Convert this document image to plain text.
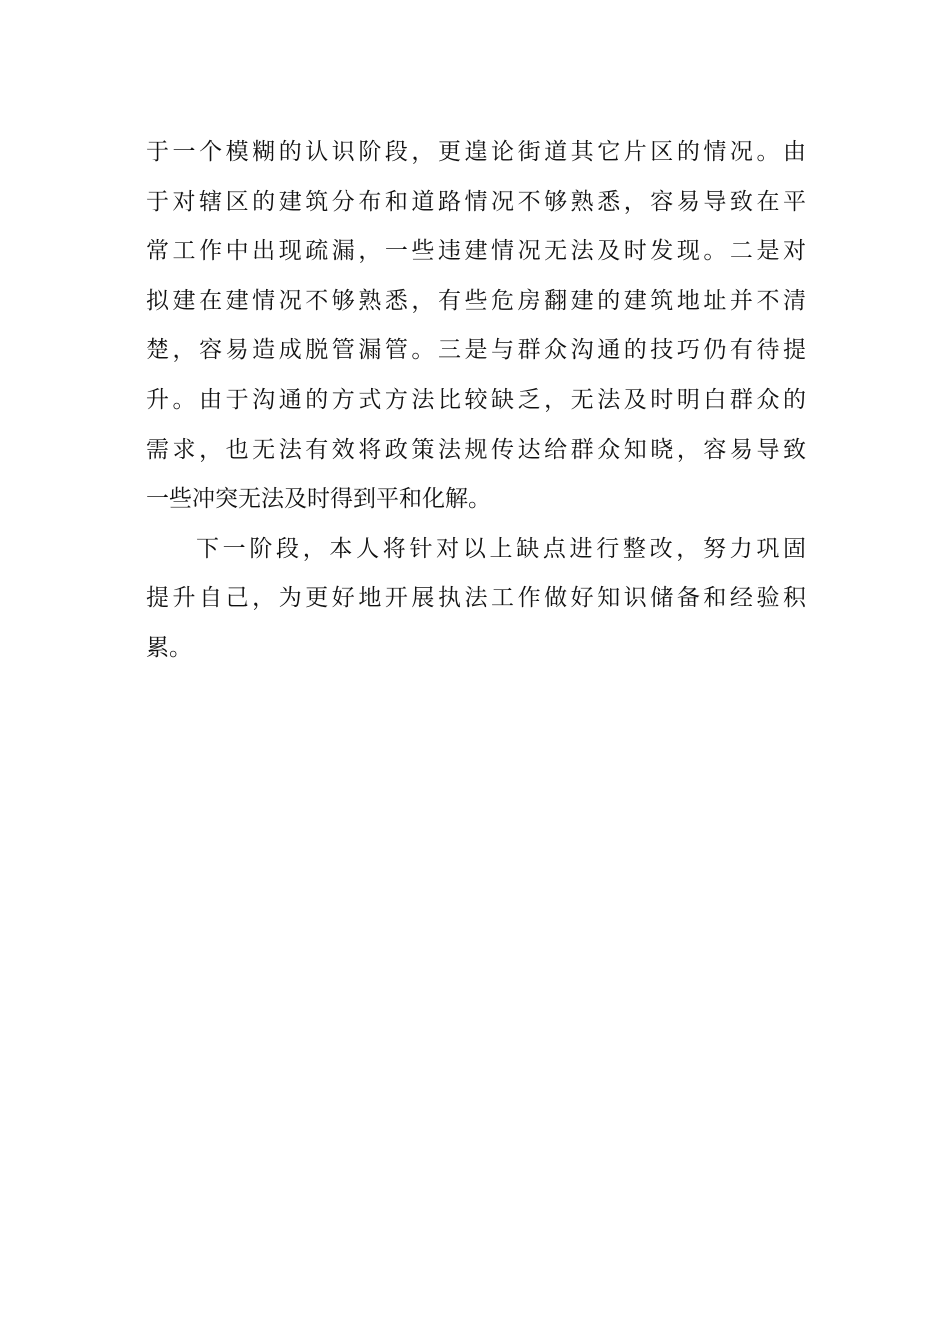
于一个模糊的认识阶段，更遑论街道其它片区的情况。由
于对辖区的建筑分布和道路情况不够熟悉，容易导致在平
常工作中出现疏漏，一些违建情况无法及时发现。二是对
拟建在建情况不够熟悉，有些危房翻建的建筑地址并不清
楚，容易造成脱管漏管。三是与群众沟通的技巧仍有待提
升。由于沟通的方式方法比较缺乏，无法及时明白群众的
需求，也无法有效将政策法规传达给群众知晓，容易导致
一些冲突无法及时得到平和化解。
下一阶段，本人将针对以上缺点进行整改，努力巩固
提升自己，为更好地开展执法工作做好知识储备和经验积
累。
